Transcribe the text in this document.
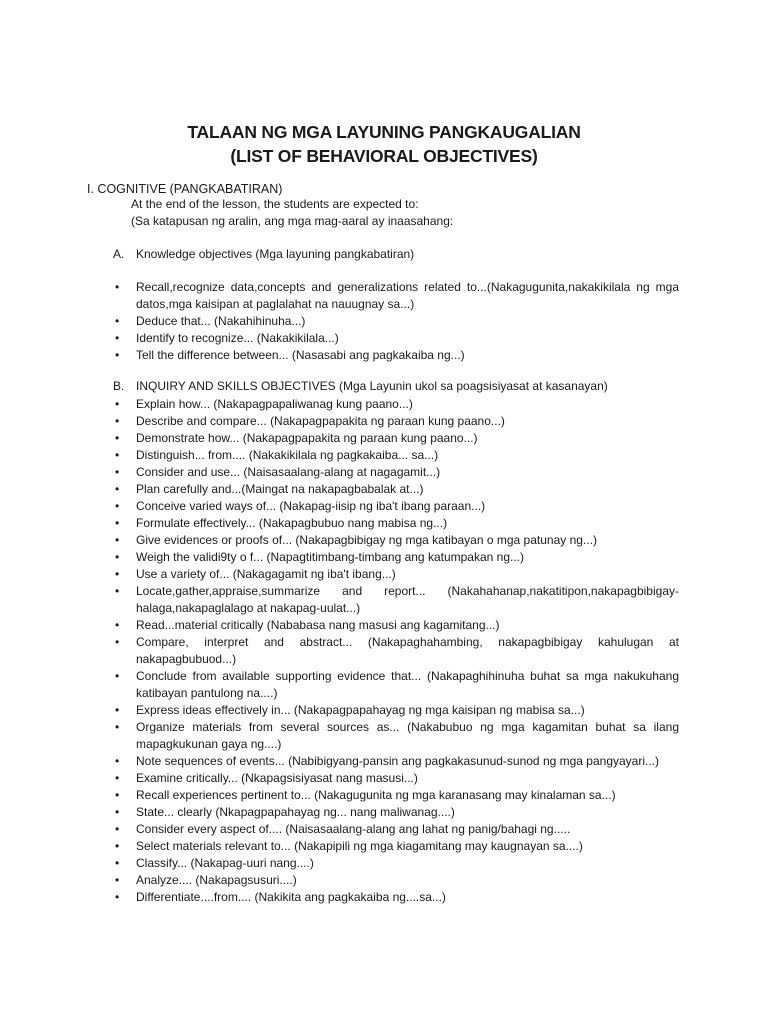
TALAAN NG MGA LAYUNING PANGKAUGALIAN
(LIST OF BEHAVIORAL OBJECTIVES)
I. COGNITIVE (PANGKABATIRAN)
At the end of the lesson, the students are expected to:
(Sa katapusan ng aralin, ang mga mag-aaral ay inaasahang:
A. Knowledge objectives (Mga layuning pangkabatiran)
• Recall,recognize data,concepts and generalizations related to...(Nakagugunita,nakakikilala ng mga datos,mga kaisipan at paglalahat na nauugnay sa...)
• Deduce that... (Nakahihinuha...)
• Identify to recognize... (Nakakikilala...)
• Tell the difference between... (Nasasabi ang pagkakaiba ng...)
B. INQUIRY AND SKILLS OBJECTIVES (Mga Layunin ukol sa poagsisiyasat at kasanayan)
• Explain how... (Nakapagpapaliwanag kung paano...)
• Describe and compare... (Nakapagpapakita ng paraan kung paano...)
• Demonstrate how... (Nakapagpapakita ng paraan kung paano...)
• Distinguish... from.... (Nakakikilala ng pagkakaiba... sa...)
• Consider and use... (Naisasaalang-alang at nagagamit...)
• Plan carefully and...(Maingat na nakapagbabalak at...)
• Conceive varied ways of... (Nakapag-iisip ng iba't ibang paraan...)
• Formulate effectively... (Nakapagbubuo nang mabisa ng...)
• Give evidences or proofs of... (Nakapagbibigay ng mga katibayan o mga patunay ng...)
• Weigh the validi9ty o f... (Napagtitimbang-timbang ang katumpakan ng...)
• Use a variety of... (Nakagagamit ng iba't ibang...)
• Locate,gather,appraise,summarize and report... (Nakahahanap,nakatitipon,nakapagbibigay-halaga,nakapaglalago at nakapag-uulat...)
• Read...material critically (Nababasa nang masusi ang kagamitang...)
• Compare, interpret and abstract... (Nakapaghahambing, nakapagbibigay kahulugan at nakapagbubuod...)
• Conclude from available supporting evidence that... (Nakapaghihinuha buhat sa mga nakukuhang katibayan pantulong na....)
• Express ideas effectively in... (Nakapagpapahayag ng mga kaisipan ng mabisa sa...)
• Organize materials from several sources as... (Nakabubuo ng mga kagamitan buhat sa ilang mapagkukunan gaya ng....)
• Note sequences of events... (Nabibigyang-pansin ang pagkakasunud-sunod ng mga pangyayari...)
• Examine critically... (Nkapagsisiyasat nang masusi...)
• Recall experiences pertinent to... (Nakagugunita ng mga karanasang may kinalaman sa...)
• State... clearly (Nkapagpapahayag ng... nang maliwanag....)
• Consider every aspect of.... (Naisasaalang-alang ang lahat ng panig/bahagi ng.....
• Select materials relevant to... (Nakapipili ng mga kiagamitang may kaugnayan sa....)
• Classify... (Nakapag-uuri nang....)
• Analyze.... (Nakapagsusuri....)
• Differentiate....from.... (Nakikita ang pagkakaiba ng....sa...)
